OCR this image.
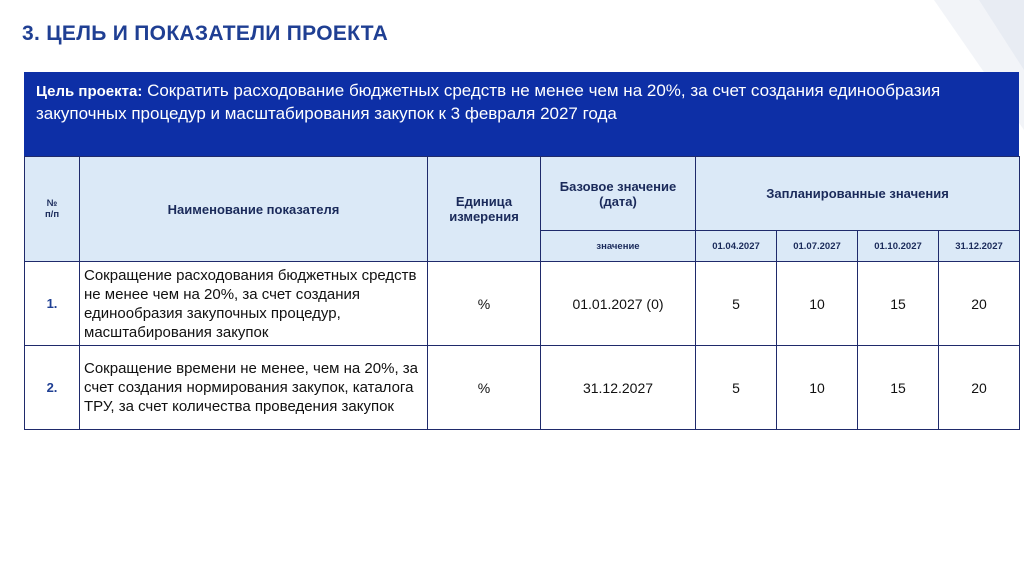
3. ЦЕЛЬ И ПОКАЗАТЕЛИ ПРОЕКТА
Цель проекта: Сократить расходование бюджетных средств не менее чем на 20%, за счет создания единообразия закупочных процедур и масштабирования закупок к 3 февраля 2027 года
№
п/п	Наименование показателя	Единица измерения	Базовое значение (дата)	Запланированные значения			
			значение	01.04.2027	01.07.2027	01.10.2027	31.12.2027
1.	Сокращение расходования бюджетных средств не менее чем на 20%, за счет создания единообразия закупочных процедур, масштабирования закупок	%	01.01.2027 (0)	5	10	15	20
2.	Сокращение времени не менее, чем на 20%, за счет создания нормирования закупок, каталога ТРУ, за счет количества проведения закупок	%	31.12.2027	5	10	15	20
